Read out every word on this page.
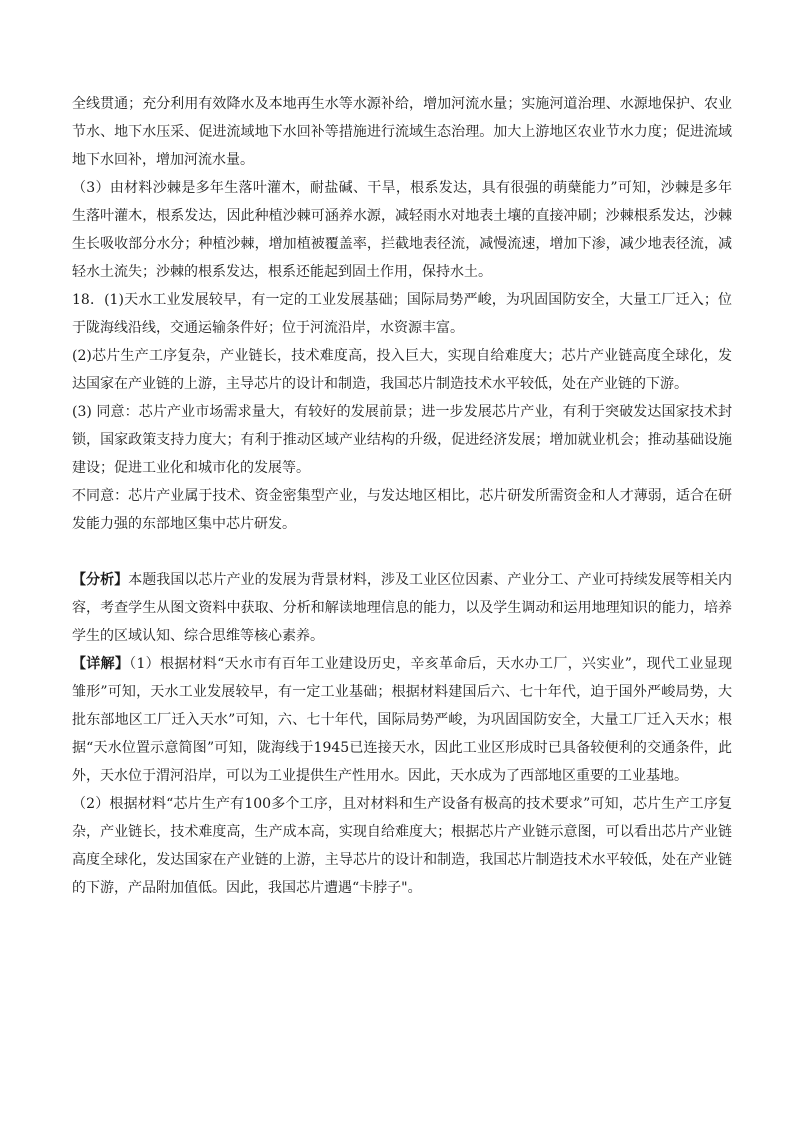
全线贯通；充分利用有效降水及本地再生水等水源补给，增加河流水量；实施河道治理、水源地保护、农业节水、地下水压采、促进流域地下水回补等措施进行流域生态治理。加大上游地区农业节水力度；促进流域地下水回补，增加河流水量。

（3）由材料沙棘是多年生落叶灌木，耐盐碱、干旱，根系发达，具有很强的萌蘖能力”可知，沙棘是多年生落叶灌木，根系发达，因此种植沙棘可涵养水源，减轻雨水对地表土壤的直接冲刷；沙棘根系发达，沙棘生长吸收部分水分；种植沙棘，增加植被覆盖率，拦截地表径流，减慢流速，增加下渗，减少地表径流，减轻水土流失；沙棘的根系发达，根系还能起到固土作用，保持水土。

18．(1)天水工业发展较早，有一定的工业发展基础；国际局势严峻，为巩固国防安全，大量工厂迁入；位于陇海线沿线，交通运输条件好；位于河流沿岸，水资源丰富。

(2)芯片生产工序复杂，产业链长，技术难度高，投入巨大，实现自给难度大；芯片产业链高度全球化，发达国家在产业链的上游，主导芯片的设计和制造，我国芯片制造技术水平较低，处在产业链的下游。

(3) 同意：芯片产业市场需求量大，有较好的发展前景；进一步发展芯片产业，有利于突破发达国家技术封锁，国家政策支持力度大；有利于推动区域产业结构的升级，促进经济发展；增加就业机会；推动基础设施建设；促进工业化和城市化的发展等。

不同意：芯片产业属于技术、资金密集型产业，与发达地区相比，芯片研发所需资金和人才薄弱，适合在研发能力强的东部地区集中芯片研发。

【分析】本题我国以芯片产业的发展为背景材料，涉及工业区位因素、产业分工、产业可持续发展等相关内容，考查学生从图文资料中获取、分析和解读地理信息的能力，以及学生调动和运用地理知识的能力，培养学生的区域认知、综合思维等核心素养。

【详解】（1）根据材料“天水市有百年工业建设历史，辛亥革命后，天水办工厂，兴实业”，现代工业显现雏形”可知，天水工业发展较早，有一定工业基础；根据材料建国后六、七十年代，迫于国外严峻局势，大批东部地区工厂迁入天水”可知，六、七十年代，国际局势严峻，为巩固国防安全，大量工厂迁入天水；根据“天水位置示意简图”可知，陇海线于1945已连接天水，因此工业区形成时已具备较便利的交通条件，此外，天水位于渭河沿岸，可以为工业提供生产性用水。因此，天水成为了西部地区重要的工业基地。

（2）根据材料“芯片生产有100多个工序，且对材料和生产设备有极高的技术要求”可知，芯片生产工序复杂，产业链长，技术难度高，生产成本高，实现自给难度大；根据芯片产业链示意图，可以看出芯片产业链高度全球化，发达国家在产业链的上游，主导芯片的设计和制造，我国芯片制造技术水平较低，处在产业链的下游，产品附加值低。因此，我国芯片遭遇“卡脖子"。
